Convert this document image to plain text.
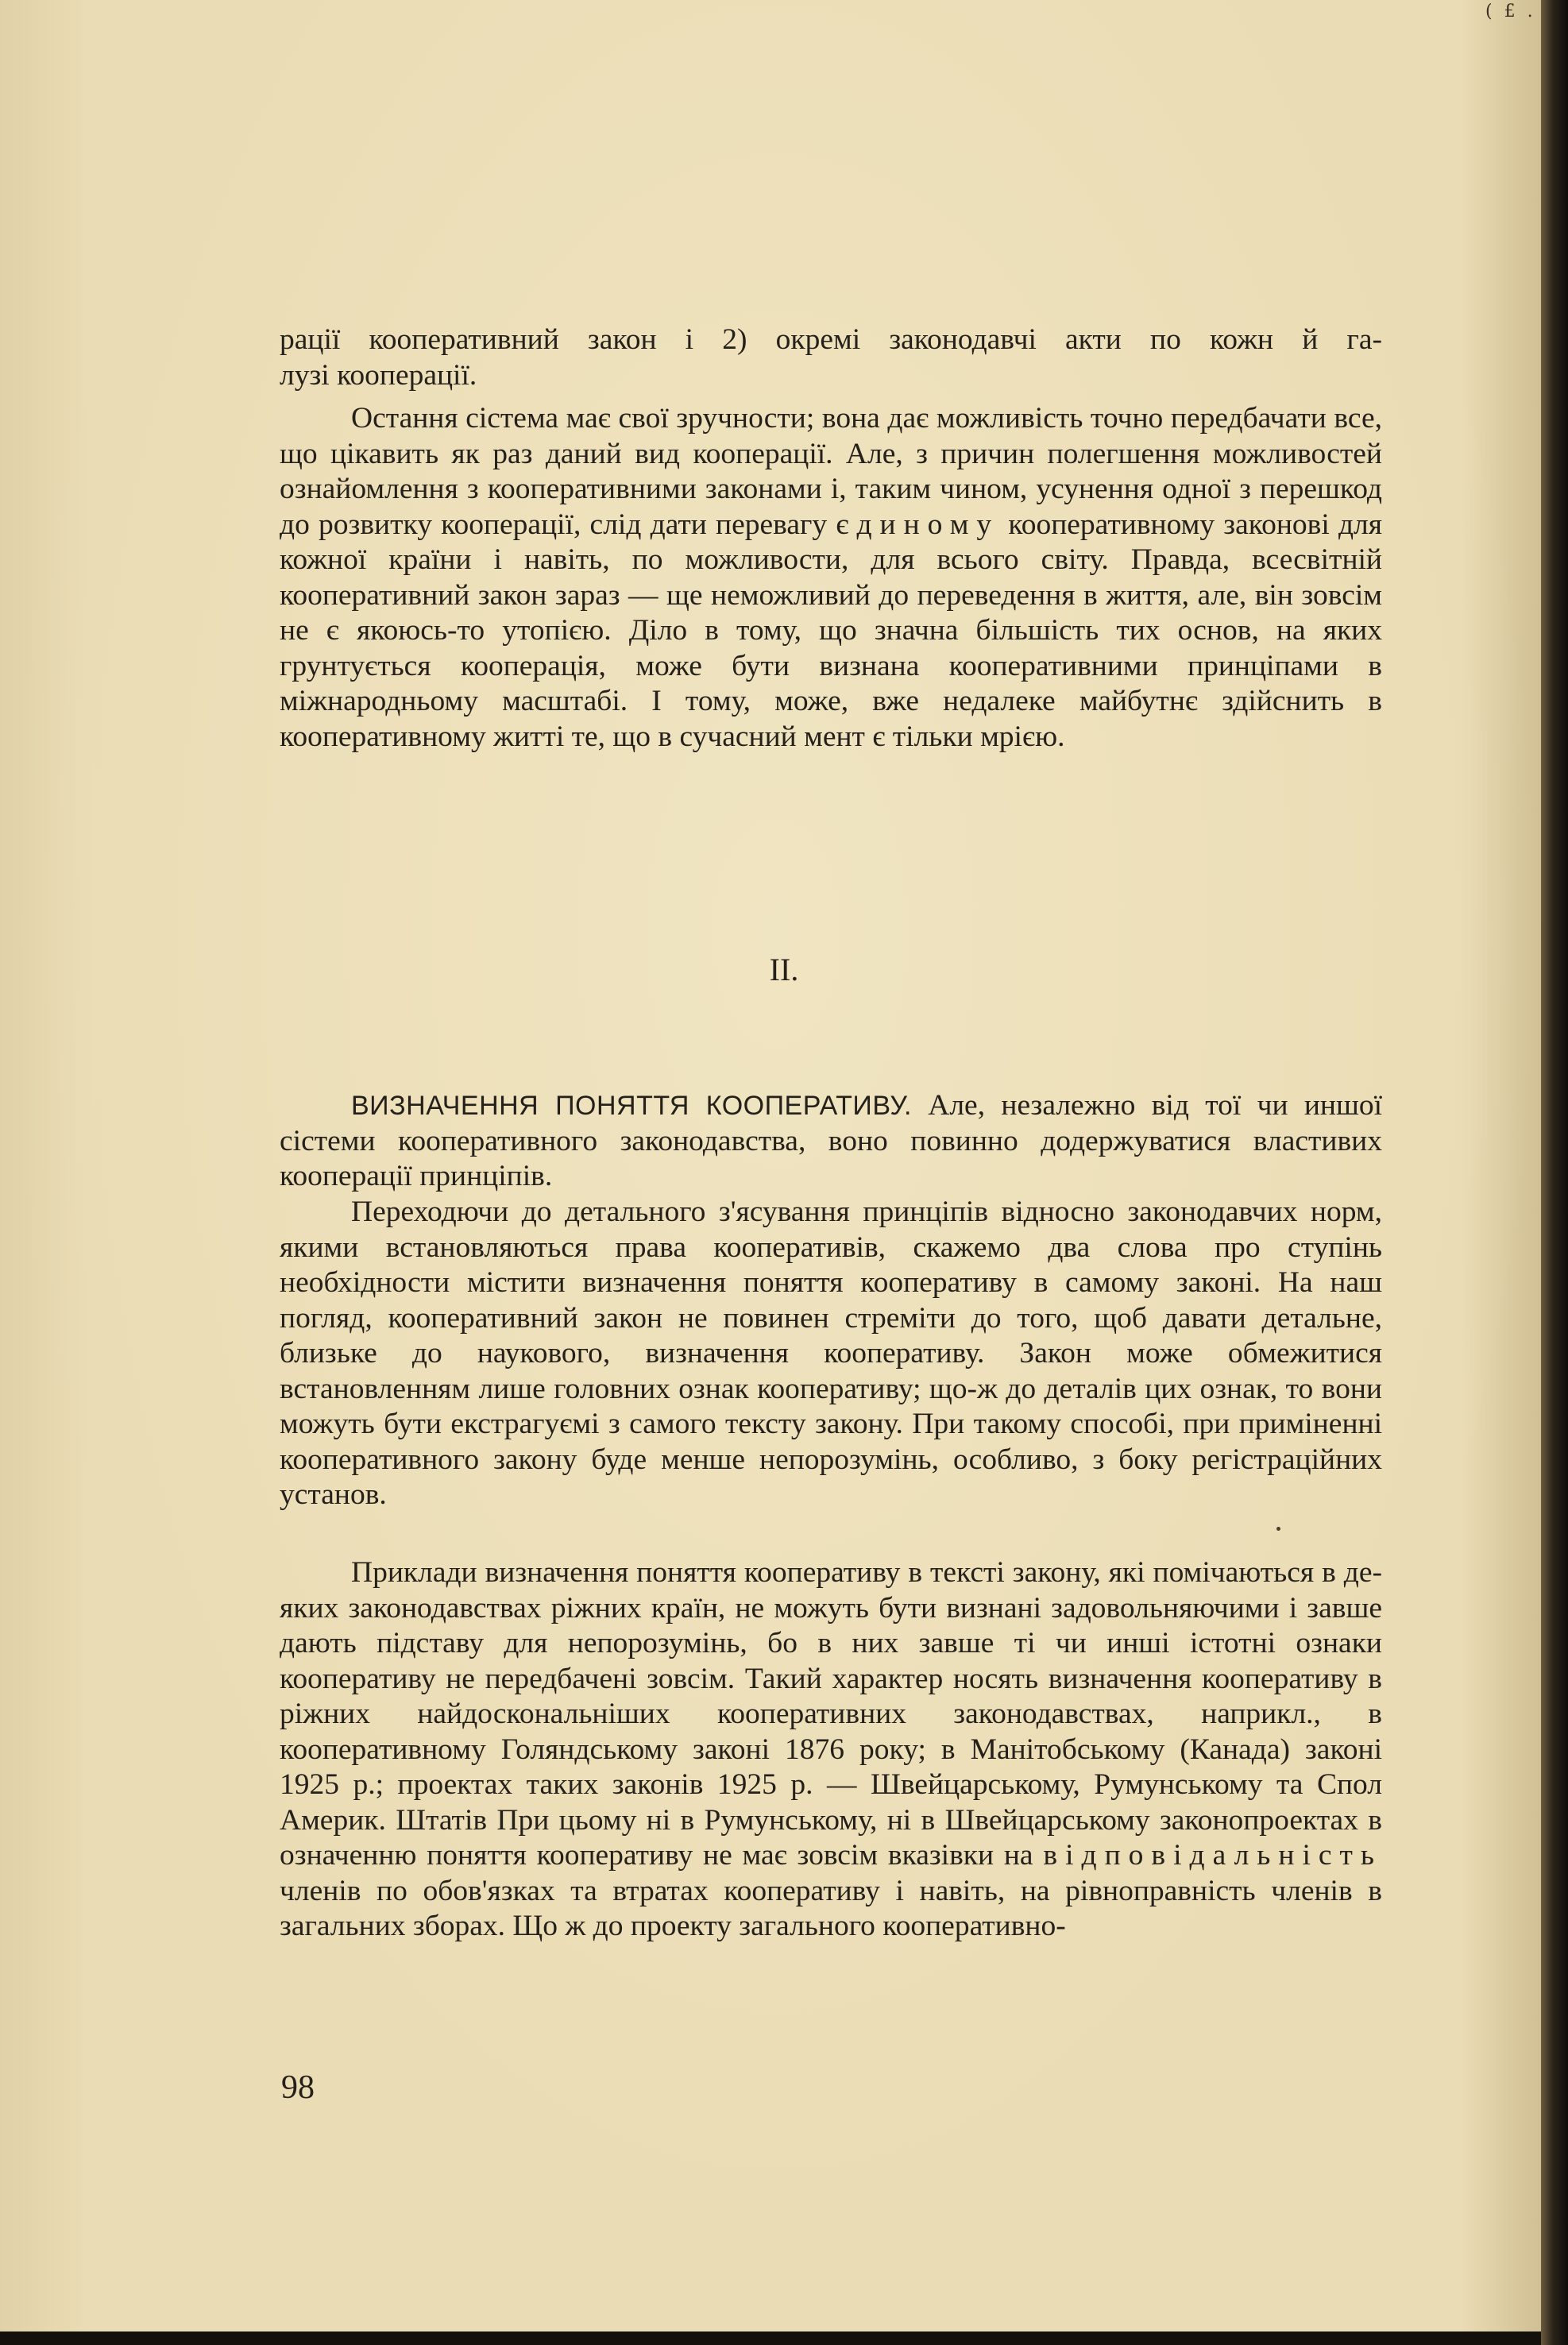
( £ .

рації кооперативний закон і 2) окремі законодавчі акти по кожн й га-

лузі кооперації.

Остання сістема має свої зручности; вона дає можливість точно передбачати все, що цікавить як раз даний вид кооперації. Але, з причин полегшення можливостей ознайомлення з кооперативними законами і, таким чином, усунення одної з перешкод до розвитку кооперації, слід дати перевагу єдиному кооперативному законові для кожної країни і навіть, по можливости, для всього світу. Правда, всесвітній кооперативний закон зараз — ще неможливий до переведення в життя, але, він зовсім не є якоюсь-то утопією. Діло в тому, що значна більшість тих основ, на яких грунтується кооперація, може бути визнана кооперативними принціпами в міжнародньому масштабі. І тому, може, вже недалеке майбутнє здійснить в кооперативному житті те, що в сучасний мент є тільки мрією.

II.

ВИЗНАЧЕННЯ ПОНЯТТЯ КООПЕРАТИВУ. Але, незалежно від тої чи иншої сістеми кооперативного законодавства, воно повинно додержуватися властивих кооперації принціпів.

Переходючи до детального з'ясування принціпів відносно законодавчих норм, якими встановляються права кооперативів, скажемо два слова про ступінь необхідности містити визначення поняття кооперативу в самому законі. На наш погляд, кооперативний закон не повинен стреміти до того, щоб давати детальне, близьке до наукового, визначення кооперативу. Закон може обмежитися встановленням лише головних ознак кооперативу; що-ж до деталів цих ознак, то вони можуть бути екстрагуємі з самого тексту закону. При такому способі, при приміненні кооперативного закону буде менше непорозумінь, особливо, з боку регістраційних установ.

Приклади визначення поняття кооперативу в тексті закону, які помічаються в де-яких законодавствах ріжних країн, не можуть бути визнані задовольняючими і завше дають підставу для непорозумінь, бо в них завше ті чи инші істотні ознаки кооперативу не передбачені зовсім. Такий характер носять визначення кооперативу в ріжних найдоскональніших кооперативних законодавствах, наприкл., в кооперативному Голяндському законі 1876 року; в Манітобському (Канада) законі 1925 р.; проектах таких законів 1925 р. — Швейцарському, Румунському та Спол Америк. Штатів При цьому ні в Румунському, ні в Швейцарському законопроектах в означенню поняття кооперативу не має зовсім вказівки на відповідальність членів по обов'язках та втратах кооперативу і навіть, на рівноправність членів в загальних зборах. Що ж до проекту загального кооперативно-

98
